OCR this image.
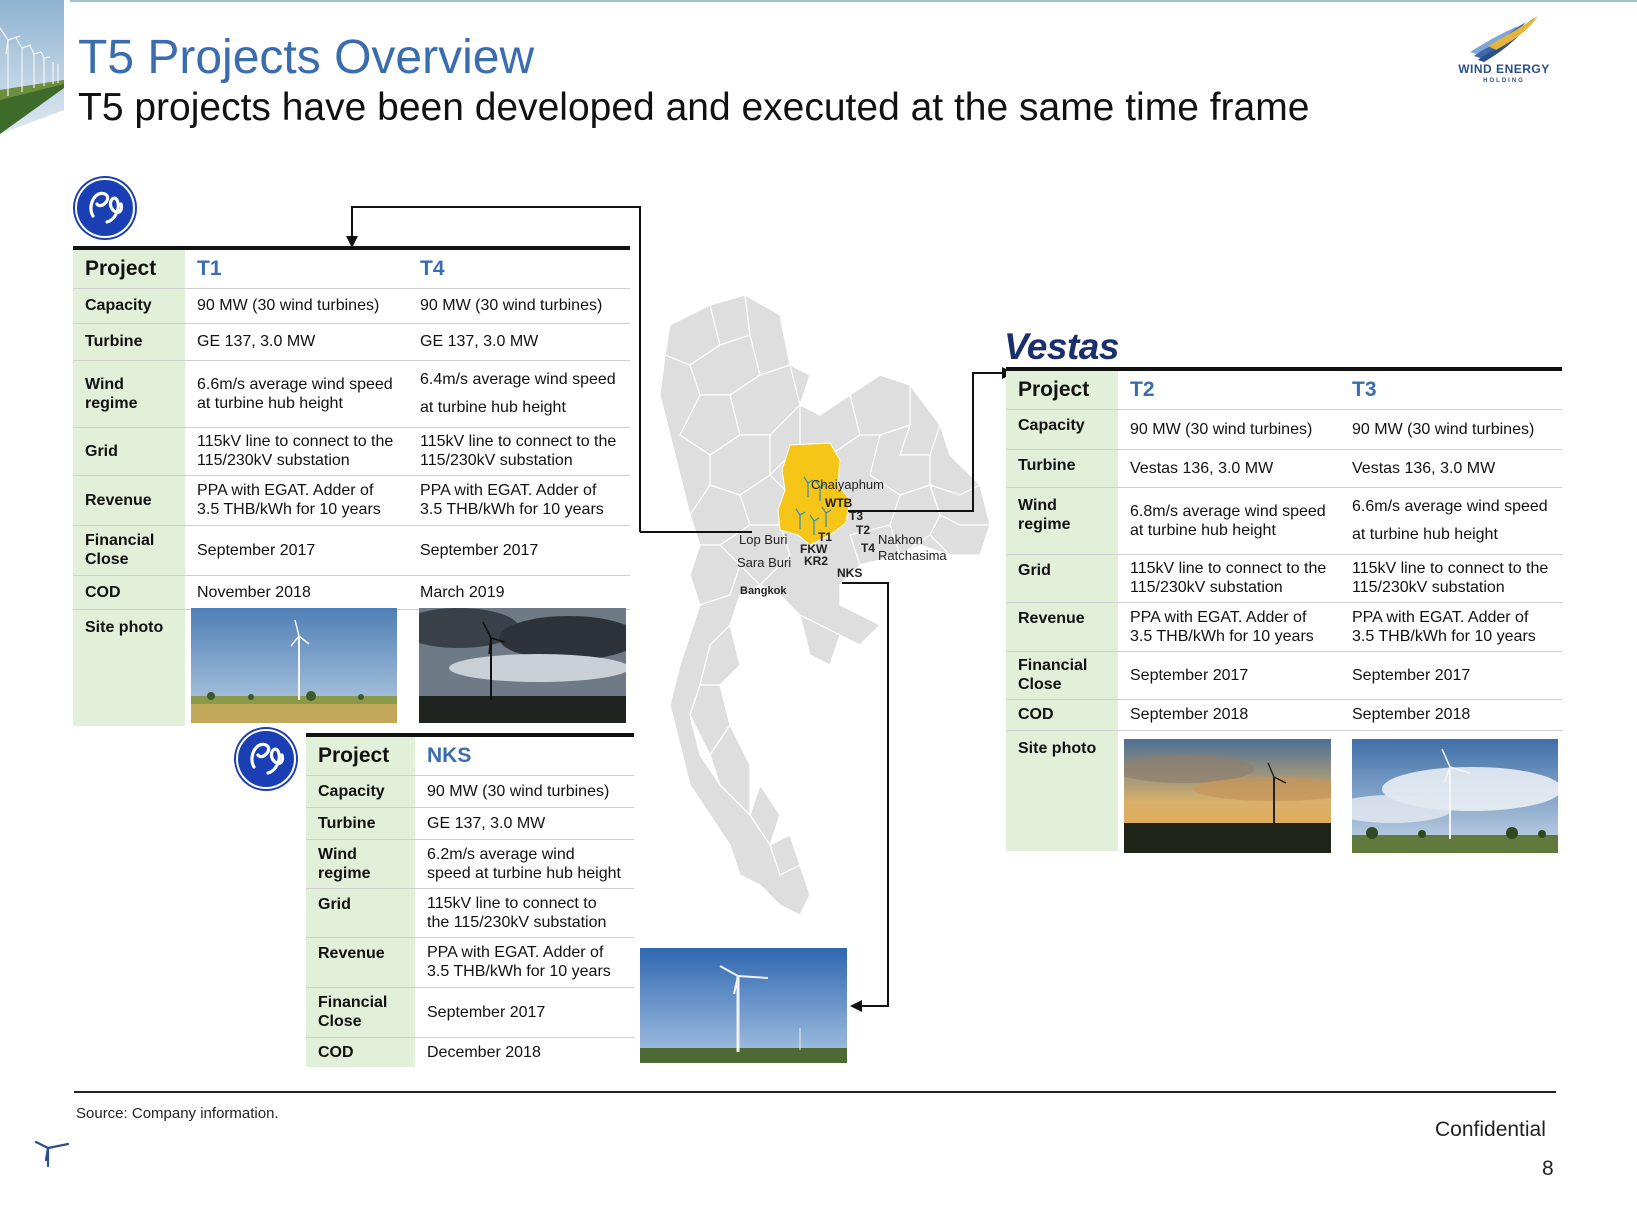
T5 Projects Overview
T5 projects have been developed and executed at the same time frame
WIND ENERGY
HOLDING
Project	T1	T4
Capacity	90 MW (30 wind turbines)	90 MW (30 wind turbines)
Turbine	GE 137, 3.0 MW	GE 137, 3.0 MW
Wind regime	6.6m/s average wind speed at turbine hub height	6.4m/s average wind speed at turbine hub height
Grid	115kV line to connect to the 115/230kV substation	115kV line to connect to the 115/230kV substation
Revenue	PPA with EGAT. Adder of 3.5 THB/kWh for 10 years	PPA with EGAT. Adder of 3.5 THB/kWh for 10 years
Financial Close	September 2017	September 2017
COD	November 2018	March 2019
Site photo		
Project	NKS
Capacity	90 MW (30 wind turbines)
Turbine	GE 137, 3.0 MW
Wind regime	6.2m/s average wind speed at turbine hub height
Grid	115kV line to connect to the 115/230kV substation
Revenue	PPA with EGAT. Adder of 3.5 THB/kWh for 10 years
Financial Close	September 2017
COD	December 2018
Chaiyaphum
WTB
T3
T2
T1
T4
FKW
KR2
NKS
Nakhon
Ratchasima
Lop Buri
Sara Buri
Bangkok
Vestas
Project	T2	T3
Capacity	90 MW (30 wind turbines)	90 MW (30 wind turbines)
Turbine	Vestas 136, 3.0 MW	Vestas 136, 3.0 MW
Wind regime	6.8m/s average wind speed at turbine hub height	6.6m/s average wind speed at turbine hub height
Grid	115kV line to connect to the 115/230kV substation	115kV line to connect to the 115/230kV substation
Revenue	PPA with EGAT. Adder of 3.5 THB/kWh for 10 years	PPA with EGAT. Adder of 3.5 THB/kWh for 10 years
Financial Close	September 2017	September 2017
COD	September 2018	September 2018
Site photo		
Source: Company information.
Confidential
8
